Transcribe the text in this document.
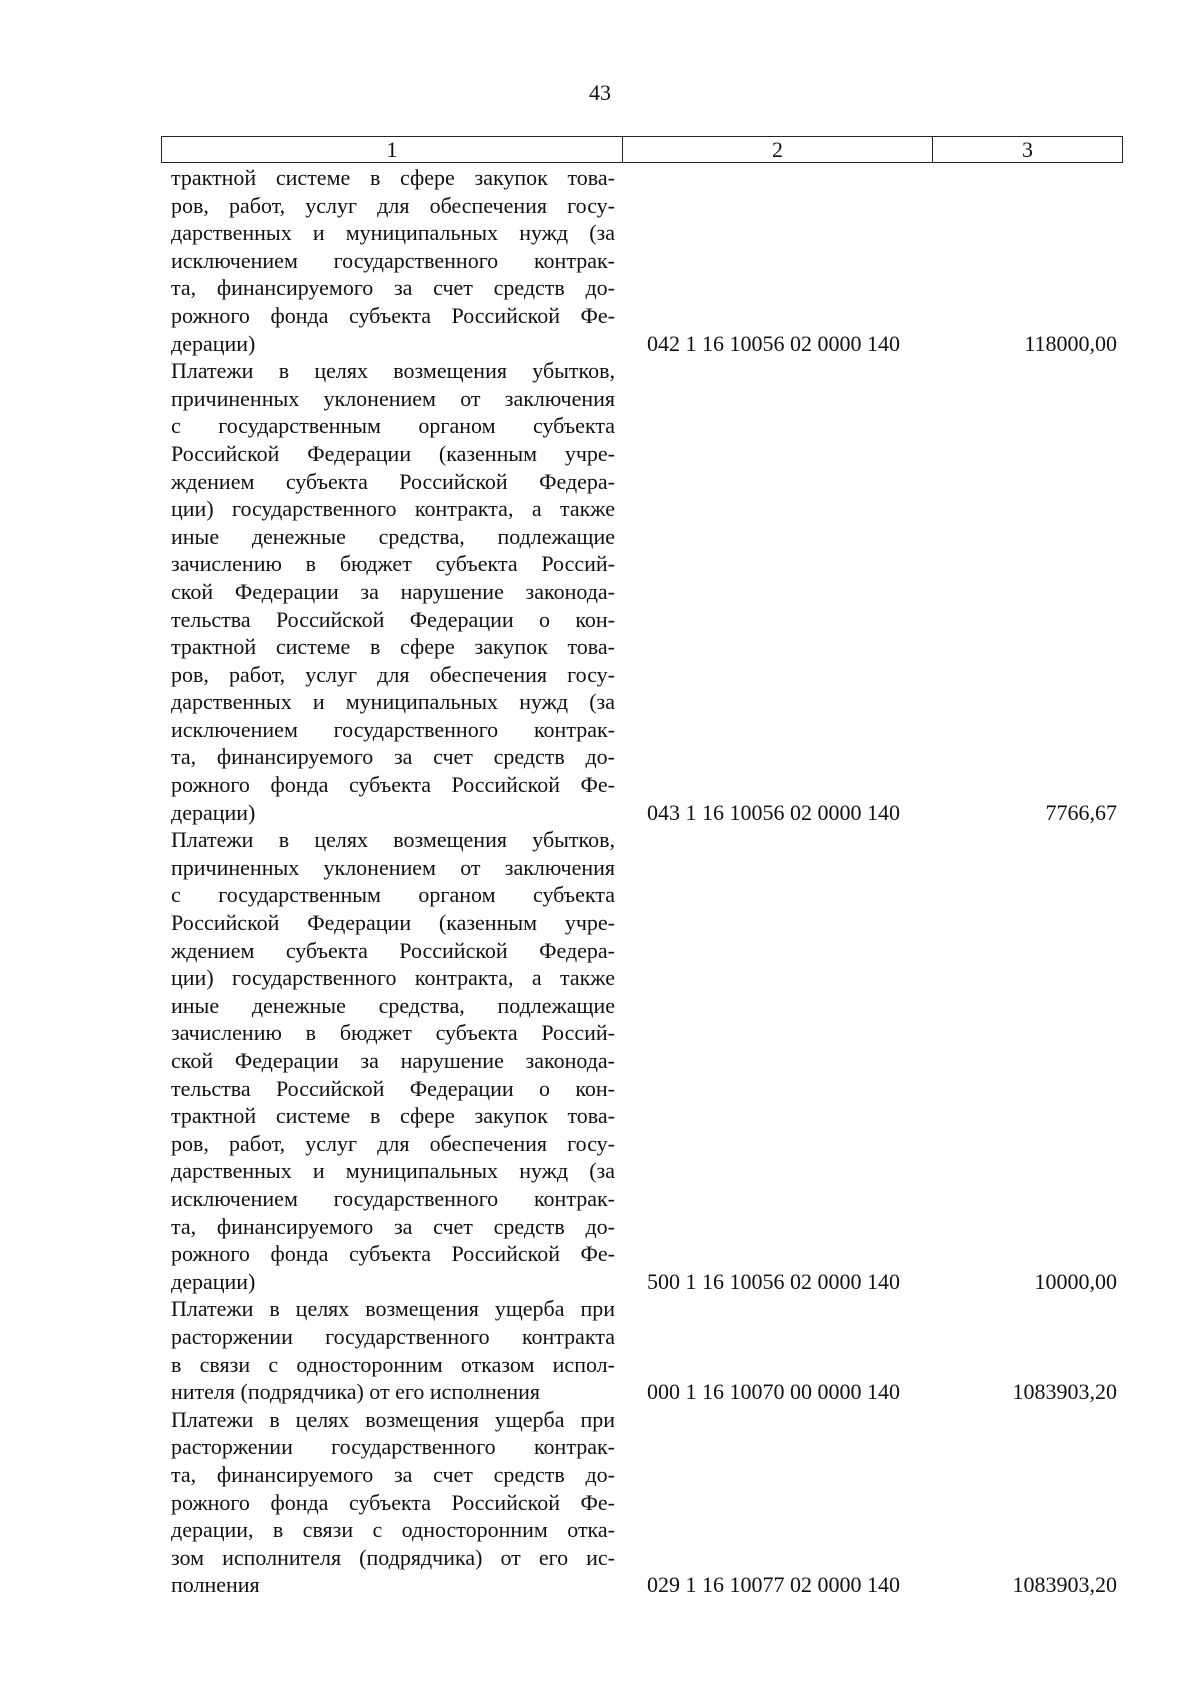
43
1	2	3
трактной системе в сфере закупок това-
ров, работ, услуг для обеспечения госу-
дарственных и муниципальных нужд (за
исключением государственного контрак-
та, финансируемого за счет средств до-
рожного фонда субъекта Российской Фе-
дерации)	042 1 16 10056 02 0000 140	118000,00
Платежи в целях возмещения убытков,
причиненных уклонением от заключения
с государственным органом субъекта
Российской Федерации (казенным учре-
ждением субъекта Российской Федера-
ции) государственного контракта, а также
иные денежные средства, подлежащие
зачислению в бюджет субъекта Россий-
ской Федерации за нарушение законода-
тельства Российской Федерации о кон-
трактной системе в сфере закупок това-
ров, работ, услуг для обеспечения госу-
дарственных и муниципальных нужд (за
исключением государственного контрак-
та, финансируемого за счет средств до-
рожного фонда субъекта Российской Фе-
дерации)	043 1 16 10056 02 0000 140	7766,67
Платежи в целях возмещения убытков,
причиненных уклонением от заключения
с государственным органом субъекта
Российской Федерации (казенным учре-
ждением субъекта Российской Федера-
ции) государственного контракта, а также
иные денежные средства, подлежащие
зачислению в бюджет субъекта Россий-
ской Федерации за нарушение законода-
тельства Российской Федерации о кон-
трактной системе в сфере закупок това-
ров, работ, услуг для обеспечения госу-
дарственных и муниципальных нужд (за
исключением государственного контрак-
та, финансируемого за счет средств до-
рожного фонда субъекта Российской Фе-
дерации)	500 1 16 10056 02 0000 140	10000,00
Платежи в целях возмещения ущерба при
расторжении государственного контракта
в связи с односторонним отказом испол-
нителя (подрядчика) от его исполнения	000 1 16 10070 00 0000 140	1083903,20
Платежи в целях возмещения ущерба при
расторжении государственного контрак-
та, финансируемого за счет средств до-
рожного фонда субъекта Российской Фе-
дерации, в связи с односторонним отка-
зом исполнителя (подрядчика) от его ис-
полнения	029 1 16 10077 02 0000 140	1083903,20
